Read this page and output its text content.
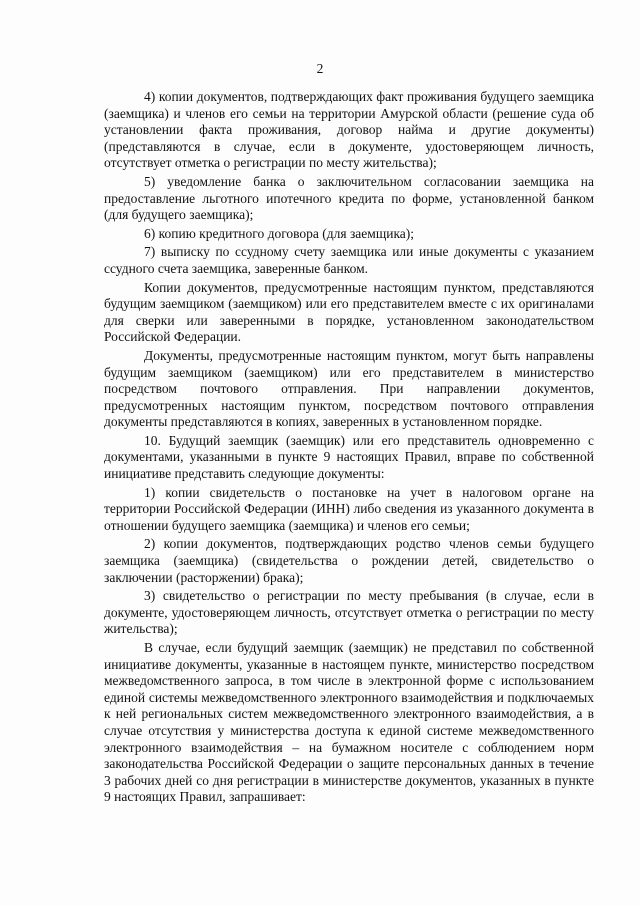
2

4) копии документов, подтверждающих факт проживания будущего заемщика (заемщика) и членов его семьи на территории Амурской области (решение суда об установлении факта проживания, договор найма и другие документы) (представляются в случае, если в документе, удостоверяющем личность, отсутствует отметка о регистрации по месту жительства);

5) уведомление банка о заключительном согласовании заемщика на предоставление льготного ипотечного кредита по форме, установленной банком (для будущего заемщика);

6) копию кредитного договора (для заемщика);

7) выписку по ссудному счету заемщика или иные документы с указанием ссудного счета заемщика, заверенные банком.

Копии документов, предусмотренные настоящим пунктом, представляются будущим заемщиком (заемщиком) или его представителем вместе с их оригиналами для сверки или заверенными в порядке, установленном законодательством Российской Федерации.

Документы, предусмотренные настоящим пунктом, могут быть направлены будущим заемщиком (заемщиком) или его представителем в министерство посредством почтового отправления. При направлении документов, предусмотренных настоящим пунктом, посредством почтового отправления документы представляются в копиях, заверенных в установленном порядке.

10. Будущий заемщик (заемщик) или его представитель одновременно с документами, указанными в пункте 9 настоящих Правил, вправе по собственной инициативе представить следующие документы:

1) копии свидетельств о постановке на учет в налоговом органе на территории Российской Федерации (ИНН) либо сведения из указанного документа в отношении будущего заемщика (заемщика) и членов его семьи;

2) копии документов, подтверждающих родство членов семьи будущего заемщика (заемщика) (свидетельства о рождении детей, свидетельство о заключении (расторжении) брака);

3) свидетельство о регистрации по месту пребывания (в случае, если в документе, удостоверяющем личность, отсутствует отметка о регистрации по месту жительства);

В случае, если будущий заемщик (заемщик) не представил по собственной инициативе документы, указанные в настоящем пункте, министерство посредством межведомственного запроса, в том числе в электронной форме с использованием единой системы межведомственного электронного взаимодействия и подключаемых к ней региональных систем межведомственного электронного взаимодействия, а в случае отсутствия у министерства доступа к единой системе межведомственного электронного взаимодействия – на бумажном носителе с соблюдением норм законодательства Российской Федерации о защите персональных данных в течение 3 рабочих дней со дня регистрации в министерстве документов, указанных в пункте 9 настоящих Правил, запрашивает:
